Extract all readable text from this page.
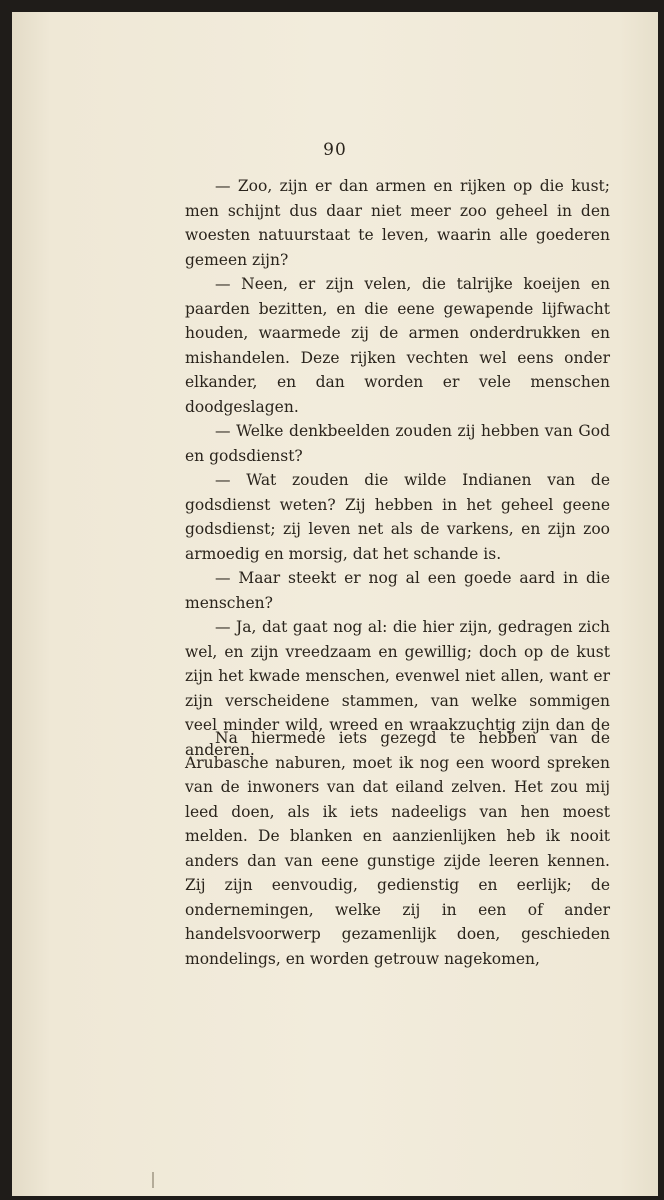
90

— Zoo, zijn er dan armen en rijken op die kust; men schijnt dus daar niet meer zoo geheel in den woesten natuurstaat te leven, waarin alle goederen gemeen zijn?

— Neen, er zijn velen, die talrijke koeijen en paarden bezitten, en die eene gewapende lijfwacht houden, waarmede zij de armen onderdrukken en mishandelen. Deze rijken vechten wel eens onder elkander, en dan worden er vele menschen doodgeslagen.

— Welke denkbeelden zouden zij hebben van God en godsdienst?

— Wat zouden die wilde Indianen van de godsdienst weten? Zij hebben in het geheel geene godsdienst; zij leven net als de varkens, en zijn zoo armoedig en morsig, dat het schande is.

— Maar steekt er nog al een goede aard in die menschen?

— Ja, dat gaat nog al: die hier zijn, gedragen zich wel, en zijn vreedzaam en gewillig; doch op de kust zijn het kwade menschen, evenwel niet allen, want er zijn verscheidene stammen, van welke sommigen veel minder wild, wreed en wraakzuchtig zijn dan de anderen.

Na hiermede iets gezegd te hebben van de Arubasche naburen, moet ik nog een woord spreken van de inwoners van dat eiland zelven. Het zou mij leed doen, als ik iets nadeeligs van hen moest melden. De blanken en aanzienlijken heb ik nooit anders dan van eene gunstige zijde leeren kennen. Zij zijn eenvoudig, gedienstig en eerlijk; de ondernemingen, welke zij in een of ander handelsvoorwerp gezamenlijk doen, geschieden mondelings, en worden getrouw nagekomen,
